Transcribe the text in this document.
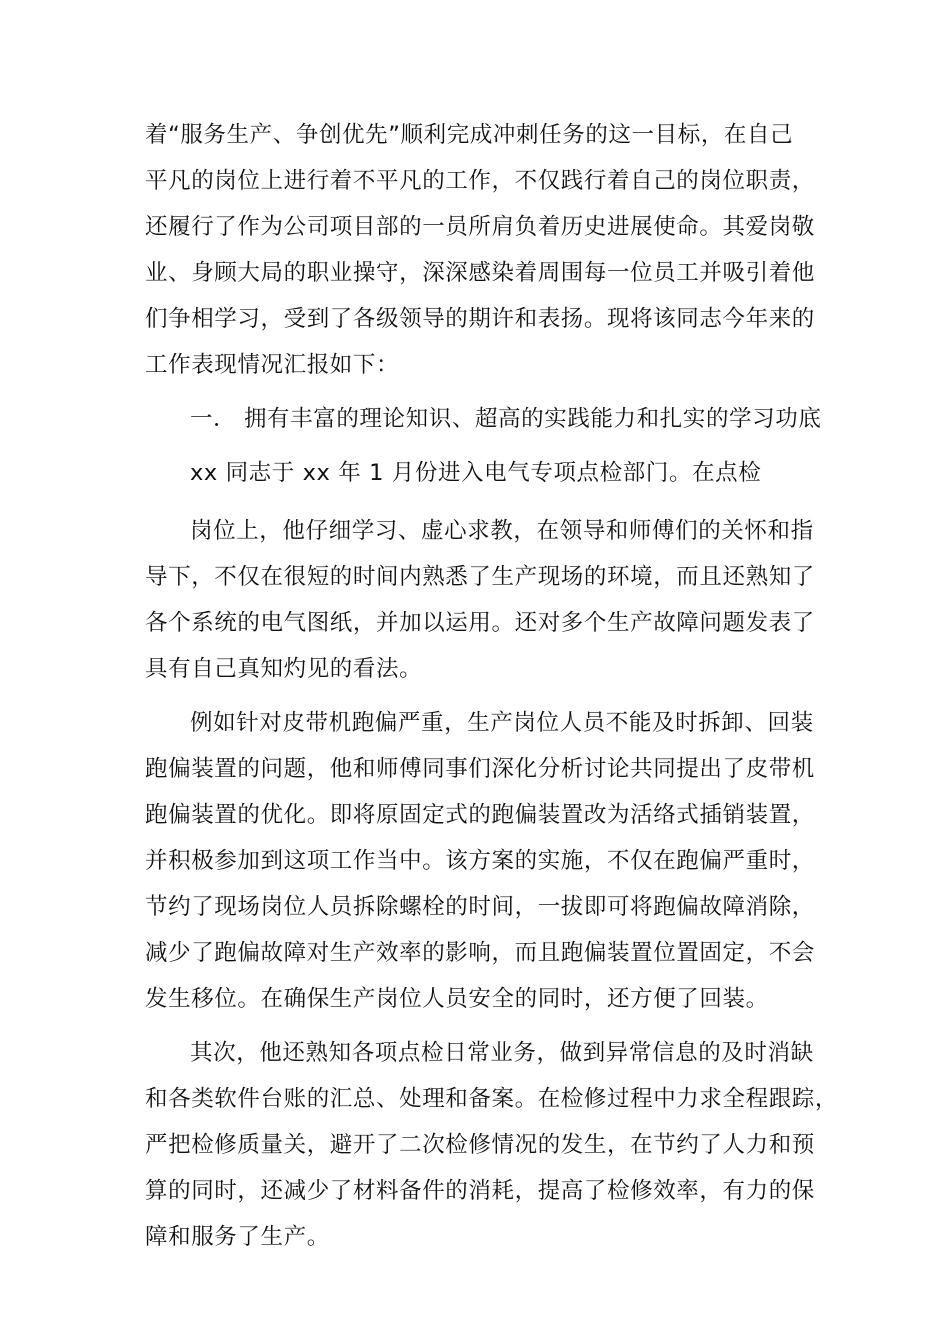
着“服务生产、争创优先”顺利完成冲刺任务的这一目标，在自己
平凡的岗位上进行着不平凡的工作，不仅践行着自己的岗位职责，
还履行了作为公司项目部的一员所肩负着历史进展使命。其爱岗敬
业、身顾大局的职业操守，深深感染着周围每一位员工并吸引着他
们争相学习，受到了各级领导的期许和表扬。现将该同志今年来的
工作表现情况汇报如下：
一． 拥有丰富的理论知识、超高的实践能力和扎实的学习功底
xx 同志于 xx 年 1 月份进入电气专项点检部门。在点检
岗位上，他仔细学习、虚心求教，在领导和师傅们的关怀和指
导下，不仅在很短的时间内熟悉了生产现场的环境，而且还熟知了
各个系统的电气图纸，并加以运用。还对多个生产故障问题发表了
具有自己真知灼见的看法。
例如针对皮带机跑偏严重，生产岗位人员不能及时拆卸、回装
跑偏装置的问题，他和师傅同事们深化分析讨论共同提出了皮带机
跑偏装置的优化。即将原固定式的跑偏装置改为活络式插销装置，
并积极参加到这项工作当中。该方案的实施，不仅在跑偏严重时，
节约了现场岗位人员拆除螺栓的时间，一拔即可将跑偏故障消除，
减少了跑偏故障对生产效率的影响，而且跑偏装置位置固定，不会
发生移位。在确保生产岗位人员安全的同时，还方便了回装。
其次，他还熟知各项点检日常业务，做到异常信息的及时消缺
和各类软件台账的汇总、处理和备案。在检修过程中力求全程跟踪，
严把检修质量关，避开了二次检修情况的发生，在节约了人力和预
算的同时，还减少了材料备件的消耗，提高了检修效率，有力的保
障和服务了生产。
